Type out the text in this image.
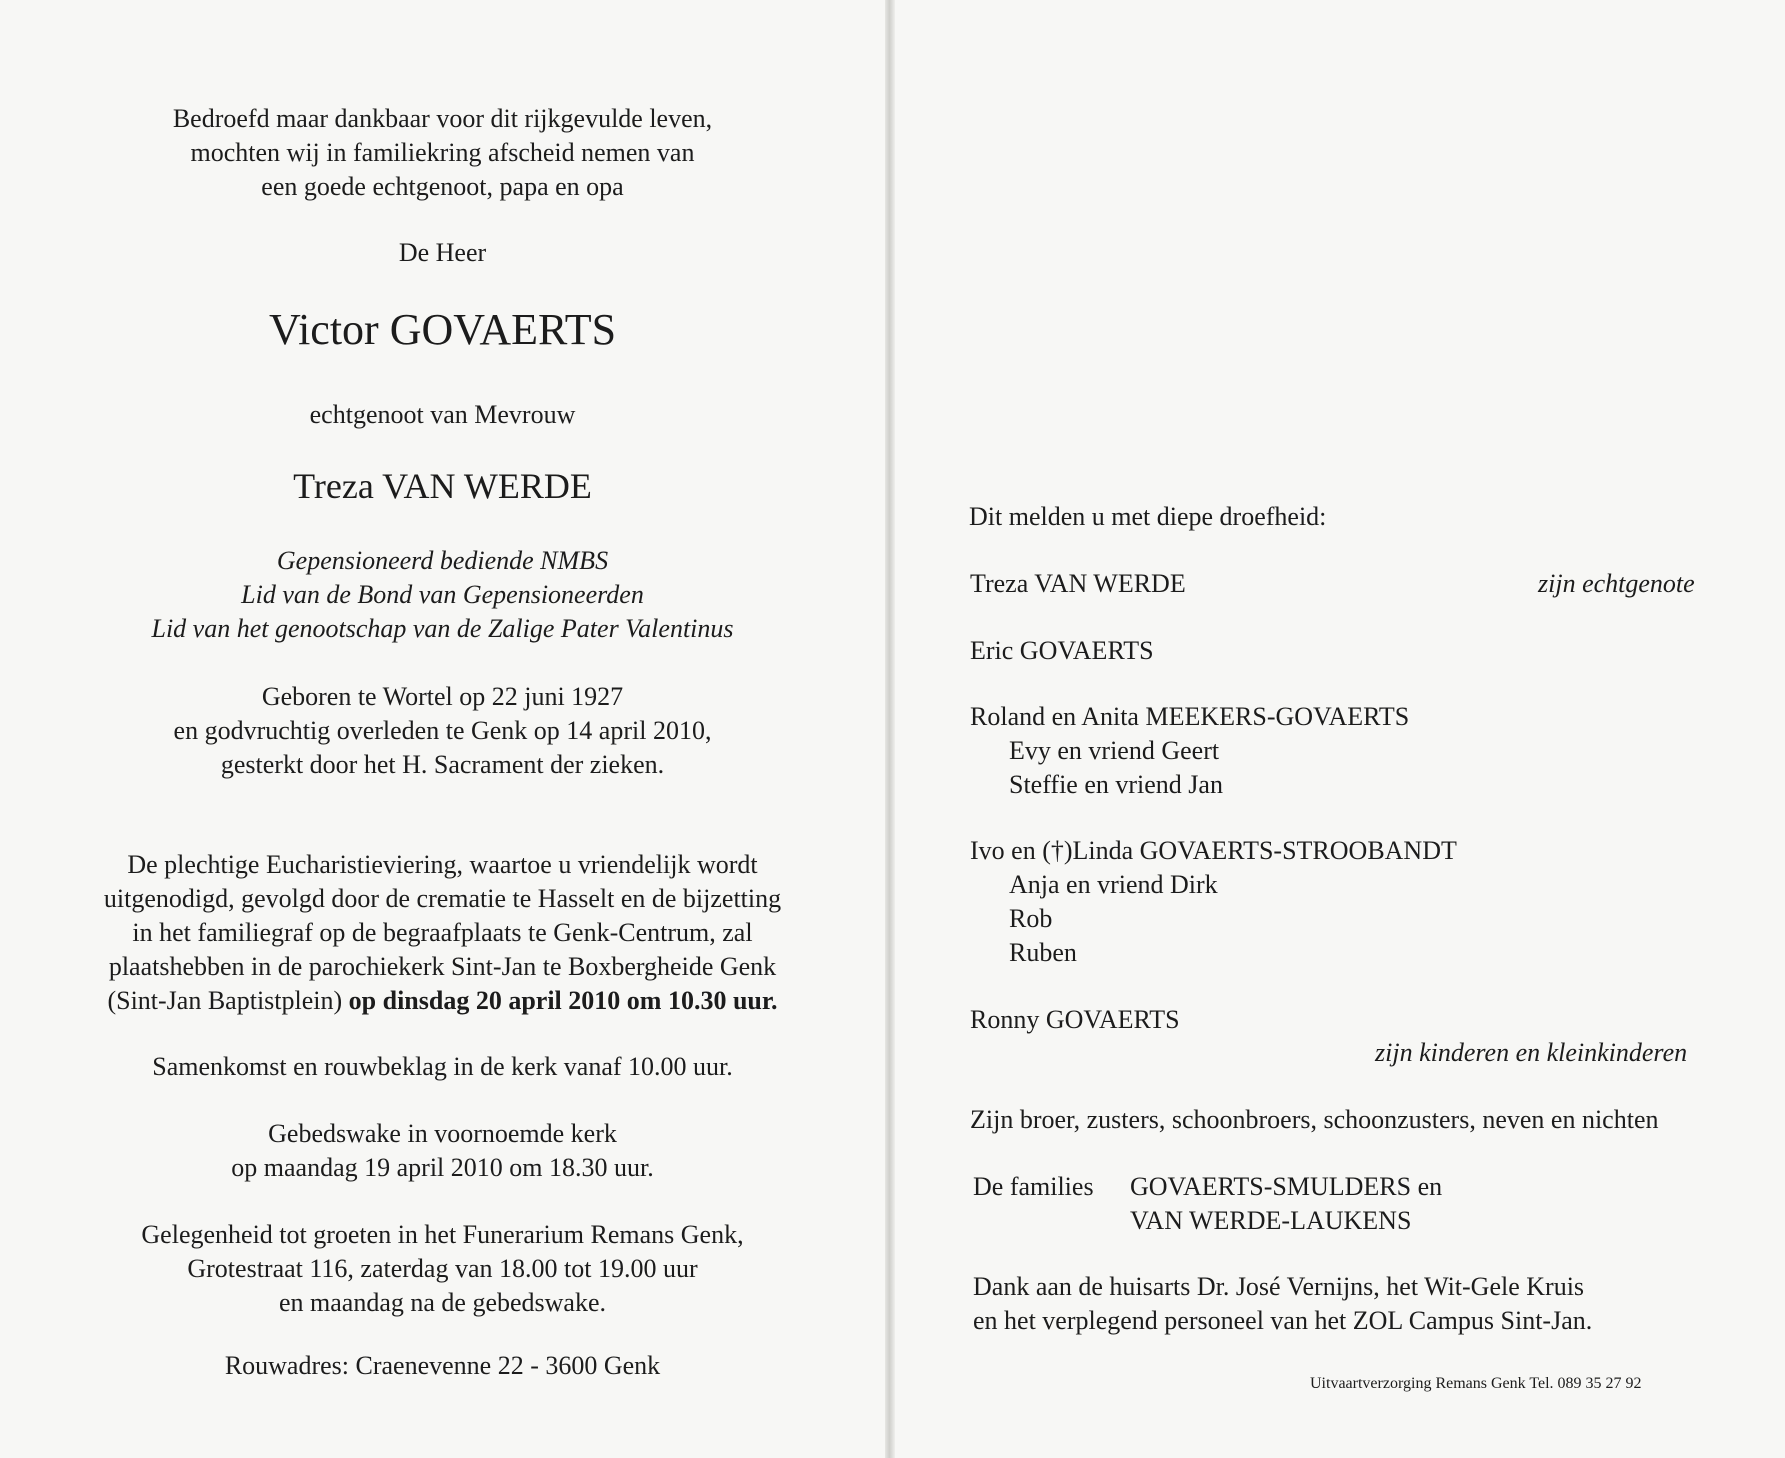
Bedroefd maar dankbaar voor dit rijkgevulde leven,
mochten wij in familiekring afscheid nemen van
een goede echtgenoot, papa en opa
De Heer
Victor GOVAERTS
echtgenoot van Mevrouw
Treza VAN WERDE
Gepensioneerd bediende NMBS
Lid van de Bond van Gepensioneerden
Lid van het genootschap van de Zalige Pater Valentinus
Geboren te Wortel op 22 juni 1927
en godvruchtig overleden te Genk op 14 april 2010,
gesterkt door het H. Sacrament der zieken.
De plechtige Eucharistieviering, waartoe u vriendelijk wordt
uitgenodigd, gevolgd door de crematie te Hasselt en de bijzetting
in het familiegraf op de begraafplaats te Genk-Centrum, zal
plaatshebben in de parochiekerk Sint-Jan te Boxbergheide Genk
(Sint-Jan Baptistplein) op dinsdag 20 april 2010 om 10.30 uur.
Samenkomst en rouwbeklag in de kerk vanaf 10.00 uur.
Gebedswake in voornoemde kerk
op maandag 19 april 2010 om 18.30 uur.
Gelegenheid tot groeten in het Funerarium Remans Genk,
Grotestraat 116, zaterdag van 18.00 tot 19.00 uur
en maandag na de gebedswake.
Rouwadres: Craenevenne 22 - 3600 Genk
Dit melden u met diepe droefheid:
Treza VAN WERDE	zijn echtgenote
Eric GOVAERTS
Roland en Anita MEEKERS-GOVAERTS
Evy en vriend Geert
Steffie en vriend Jan
Ivo en (†)Linda GOVAERTS-STROOBANDT
Anja en vriend Dirk
Rob
Ruben
Ronny GOVAERTS
zijn kinderen en kleinkinderen
Zijn broer, zusters, schoonbroers, schoonzusters, neven en nichten
De families GOVAERTS-SMULDERS en
VAN WERDE-LAUKENS
Dank aan de huisarts Dr. José Vernijns, het Wit-Gele Kruis
en het verplegend personeel van het ZOL Campus Sint-Jan.
Uitvaartverzorging Remans Genk Tel. 089 35 27 92
